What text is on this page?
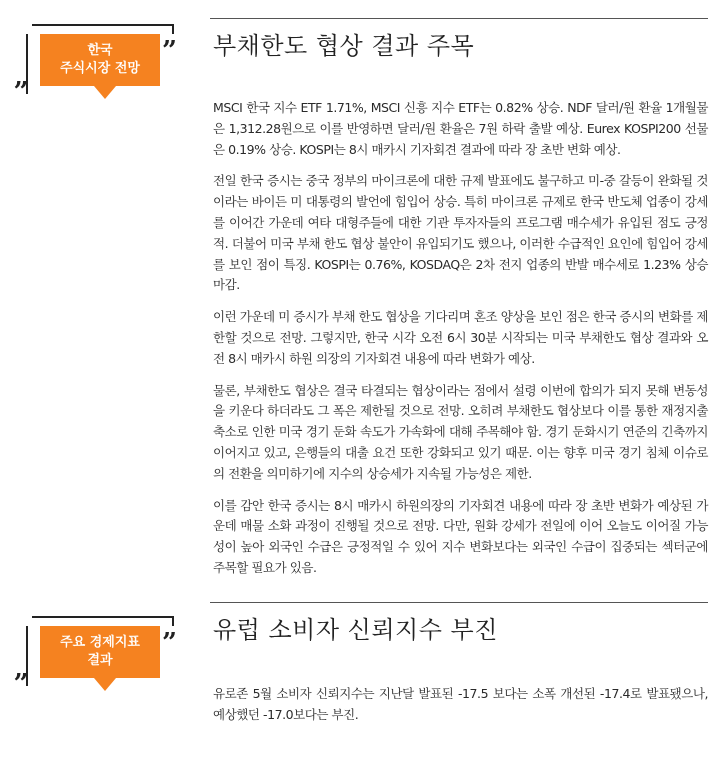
한국
주식시장 전망
”
„
부채한도 협상 결과 주목

MSCI 한국 지수 ETF 1.71%, MSCI 신흥 지수 ETF는 0.82% 상승. NDF 달러/원 환율 1개월물은 1,312.28원으로 이를 반영하면 달러/원 환율은 7원 하락 출발 예상. Eurex KOSPI200 선물은 0.19% 상승. KOSPI는 8시 매카시 기자회견 결과에 따라 장 초반 변화 예상.

전일 한국 증시는 중국 정부의 마이크론에 대한 규제 발표에도 불구하고 미-중 갈등이 완화될 것이라는 바이든 미 대통령의 발언에 힘입어 상승. 특히 마이크론 규제로 한국 반도체 업종이 강세를 이어간 가운데 여타 대형주들에 대한 기관 투자자들의 프로그램 매수세가 유입된 점도 긍정적. 더불어 미국 부채 한도 협상 불안이 유입되기도 했으나, 이러한 수급적인 요인에 힘입어 강세를 보인 점이 특징. KOSPI는 0.76%, KOSDAQ은 2차 전지 업종의 반발 매수세로 1.23% 상승 마감.

이런 가운데 미 증시가 부채 한도 협상을 기다리며 혼조 양상을 보인 점은 한국 증시의 변화를 제한할 것으로 전망. 그렇지만, 한국 시각 오전 6시 30분 시작되는 미국 부채한도 협상 결과와 오전 8시 매카시 하원 의장의 기자회견 내용에 따라 변화가 예상.

물론, 부채한도 협상은 결국 타결되는 협상이라는 점에서 설령 이번에 합의가 되지 못해 변동성을 키운다 하더라도 그 폭은 제한될 것으로 전망. 오히려 부채한도 협상보다 이를 통한 재정지출 축소로 인한 미국 경기 둔화 속도가 가속화에 대해 주목해야 함. 경기 둔화시기 연준의 긴축까지 이어지고 있고, 은행들의 대출 요건 또한 강화되고 있기 때문. 이는 향후 미국 경기 침체 이슈로의 전환을 의미하기에 지수의 상승세가 지속될 가능성은 제한.

이를 감안 한국 증시는 8시 매카시 하원의장의 기자회견 내용에 따라 장 초반 변화가 예상된 가운데 매물 소화 과정이 진행될 것으로 전망. 다만, 원화 강세가 전일에 이어 오늘도 이어질 가능성이 높아 외국인 수급은 긍정적일 수 있어 지수 변화보다는 외국인 수급이 집중되는 섹터군에 주목할 필요가 있음.

주요 경제지표
결과
”
„
유럽 소비자 신뢰지수 부진

유로존 5월 소비자 신뢰지수는 지난달 발표된 -17.5 보다는 소폭 개선된 -17.4로 발표됐으나, 예상했던 -17.0보다는 부진.
